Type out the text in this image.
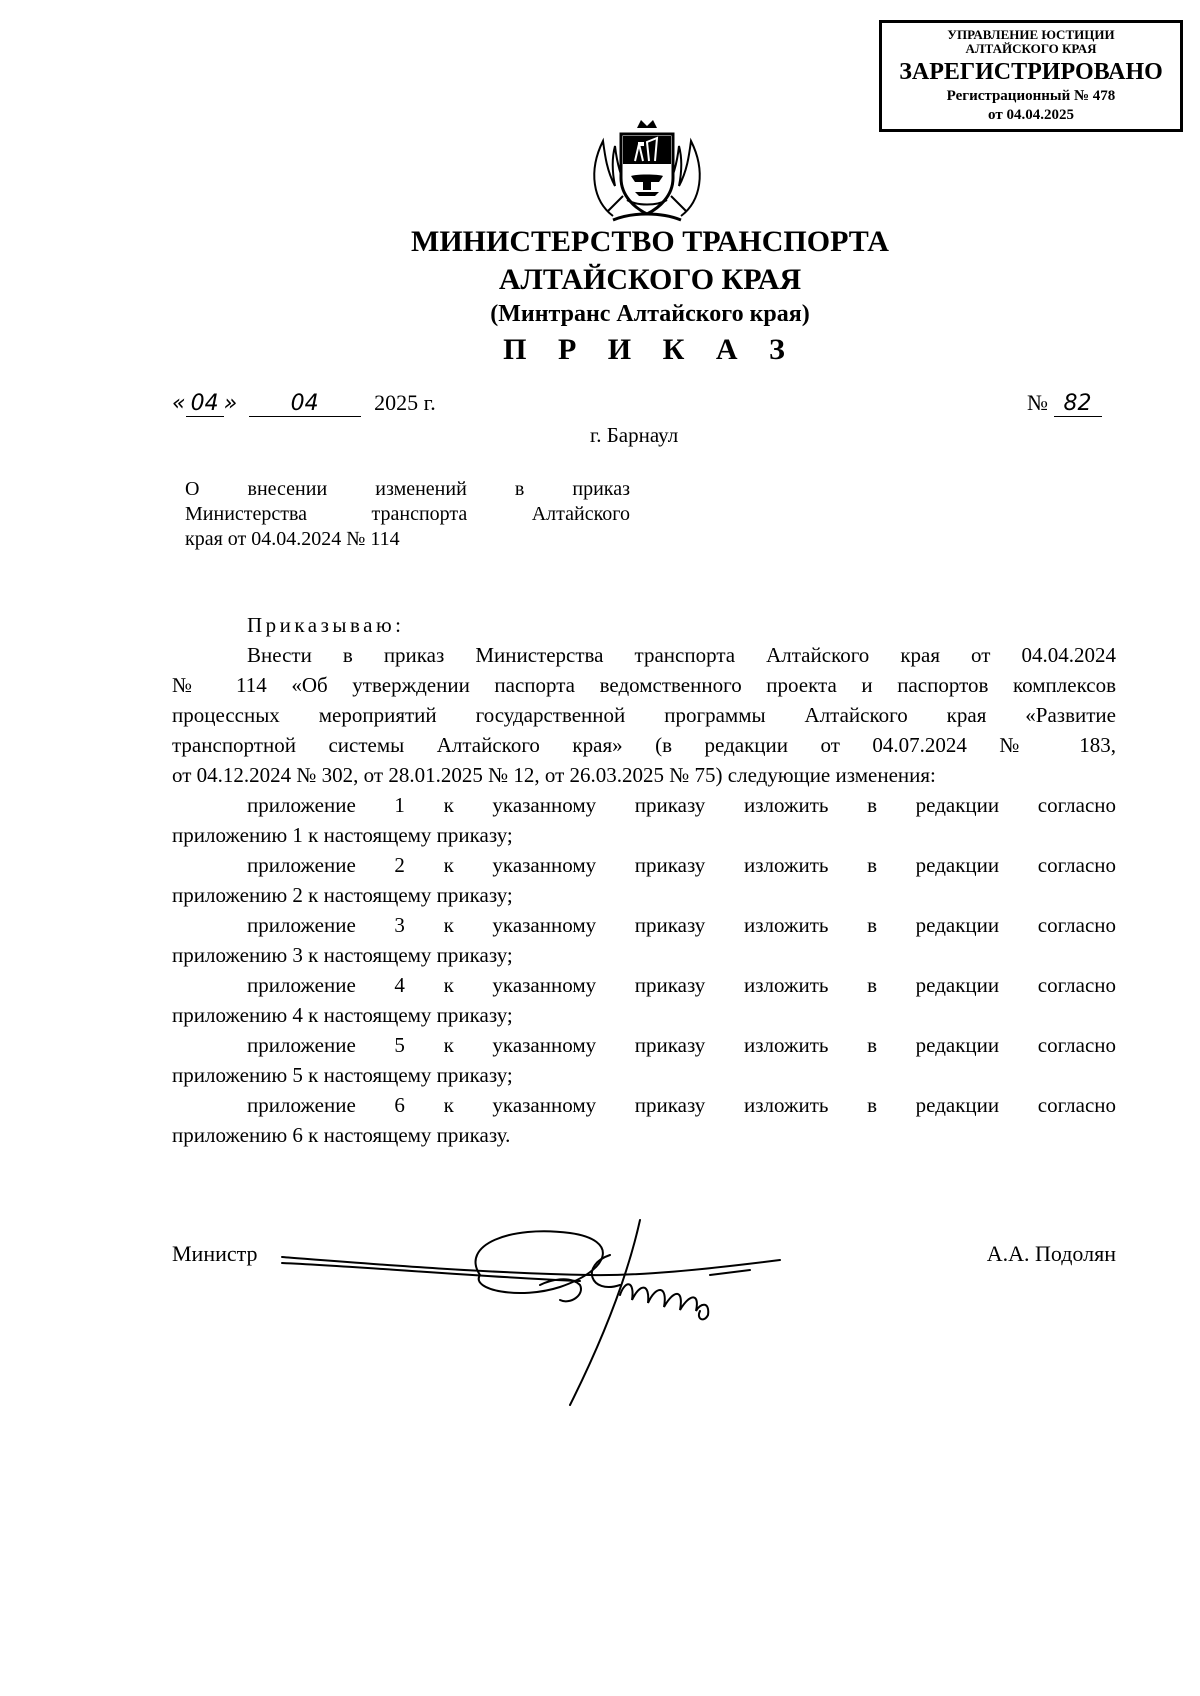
УПРАВЛЕНИЕ ЮСТИЦИИ
АЛТАЙСКОГО КРАЯ
ЗАРЕГИСТРИРОВАНО
Регистрационный № 478
от 04.04.2025
МИНИСТЕРСТВО ТРАНСПОРТА
АЛТАЙСКОГО КРАЯ
(Минтранс Алтайского края)
П Р И К А З
« 04 » 04	2025 г.	№ 82
г. Барнаул
О внесении изменений в приказ
Министерства транспорта Алтайского
края от 04.04.2024 № 114
Приказываю:
Внести в приказ Министерства транспорта Алтайского края от 04.04.2024
№ 114 «Об утверждении паспорта ведомственного проекта и паспортов комплексов
процессных мероприятий государственной программы Алтайского края «Развитие
транспортной системы Алтайского края» (в редакции от 04.07.2024 № 183,
от 04.12.2024 № 302, от 28.01.2025 № 12, от 26.03.2025 № 75) следующие изменения:
приложение 1 к указанному приказу изложить в редакции согласно
приложению 1 к настоящему приказу;
приложение 2 к указанному приказу изложить в редакции согласно
приложению 2 к настоящему приказу;
приложение 3 к указанному приказу изложить в редакции согласно
приложению 3 к настоящему приказу;
приложение 4 к указанному приказу изложить в редакции согласно
приложению 4 к настоящему приказу;
приложение 5 к указанному приказу изложить в редакции согласно
приложению 5 к настоящему приказу;
приложение 6 к указанному приказу изложить в редакции согласно
приложению 6 к настоящему приказу.
Министр	А.А. Подолян
